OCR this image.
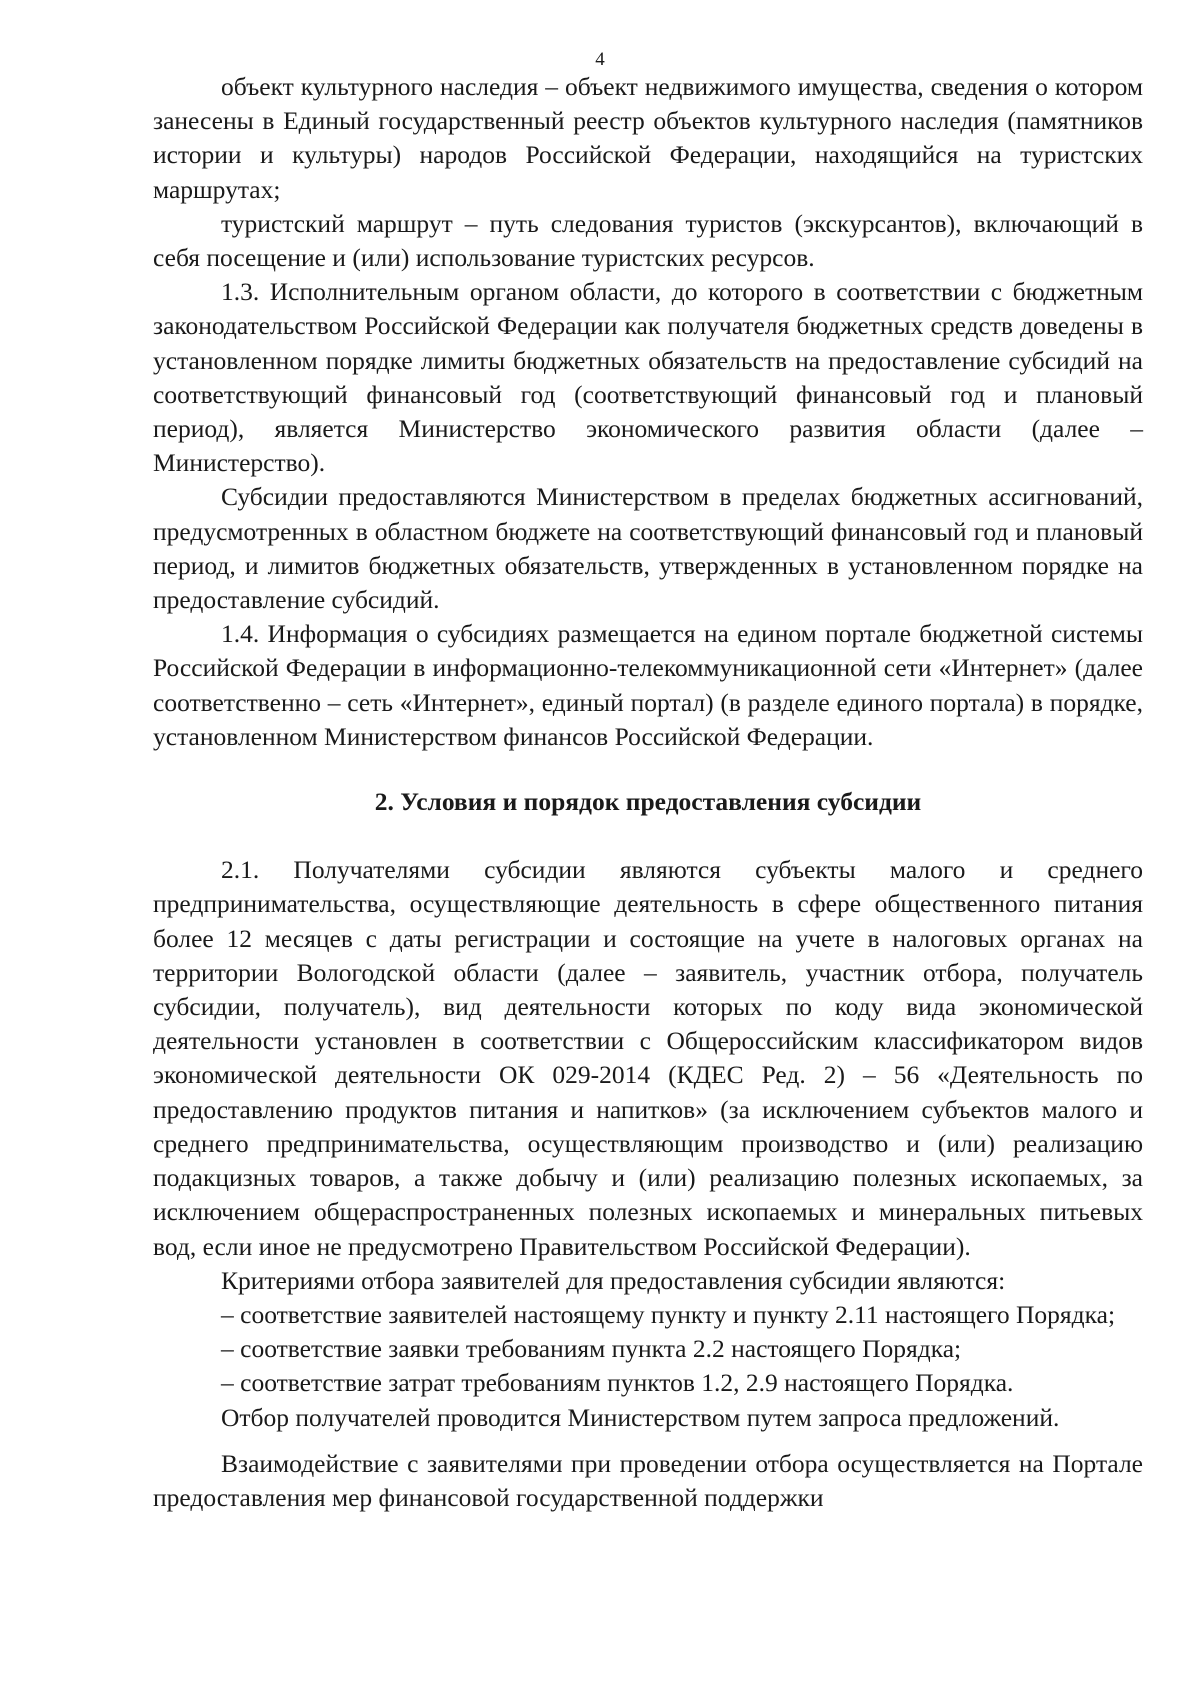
4

объект культурного наследия – объект недвижимого имущества, сведения о котором занесены в Единый государственный реестр объектов культурного наследия (памятников истории и культуры) народов Российской Федерации, находящийся на туристских маршрутах;

туристский маршрут – путь следования туристов (экскурсантов), включающий в себя посещение и (или) использование туристских ресурсов.

1.3. Исполнительным органом области, до которого в соответствии с бюджетным законодательством Российской Федерации как получателя бюджетных средств доведены в установленном порядке лимиты бюджетных обязательств на предоставление субсидий на соответствующий финансовый год (соответствующий финансовый год и плановый период), является Министерство экономического развития области (далее – Министерство).

Субсидии предоставляются Министерством в пределах бюджетных ассигнований, предусмотренных в областном бюджете на соответствующий финансовый год и плановый период, и лимитов бюджетных обязательств, утвержденных в установленном порядке на предоставление субсидий.

1.4. Информация о субсидиях размещается на едином портале бюджетной системы Российской Федерации в информационно-телекоммуникационной сети «Интернет» (далее соответственно – сеть «Интернет», единый портал) (в разделе единого портала) в порядке, установленном Министерством финансов Российской Федерации.

2. Условия и порядок предоставления субсидии

2.1. Получателями субсидии являются субъекты малого и среднего предпринимательства, осуществляющие деятельность в сфере общественного питания более 12 месяцев с даты регистрации и состоящие на учете в налоговых органах на территории Вологодской области (далее – заявитель, участник отбора, получатель субсидии, получатель), вид деятельности которых по коду вида экономической деятельности установлен в соответствии с Общероссийским классификатором видов экономической деятельности ОК 029-2014 (КДЕС Ред. 2) – 56 «Деятельность по предоставлению продуктов питания и напитков» (за исключением субъектов малого и среднего предпринимательства, осуществляющим производство и (или) реализацию подакцизных товаров, а также добычу и (или) реализацию полезных ископаемых, за исключением общераспространенных полезных ископаемых и минеральных питьевых вод, если иное не предусмотрено Правительством Российской Федерации).

Критериями отбора заявителей для предоставления субсидии являются:

– соответствие заявителей настоящему пункту и пункту 2.11 настоящего Порядка;

– соответствие заявки требованиям пункта 2.2 настоящего Порядка;

– соответствие затрат требованиям пунктов 1.2, 2.9 настоящего Порядка.

Отбор получателей проводится Министерством путем запроса предложений.

Взаимодействие с заявителями при проведении отбора осуществляется на Портале предоставления мер финансовой государственной поддержки
